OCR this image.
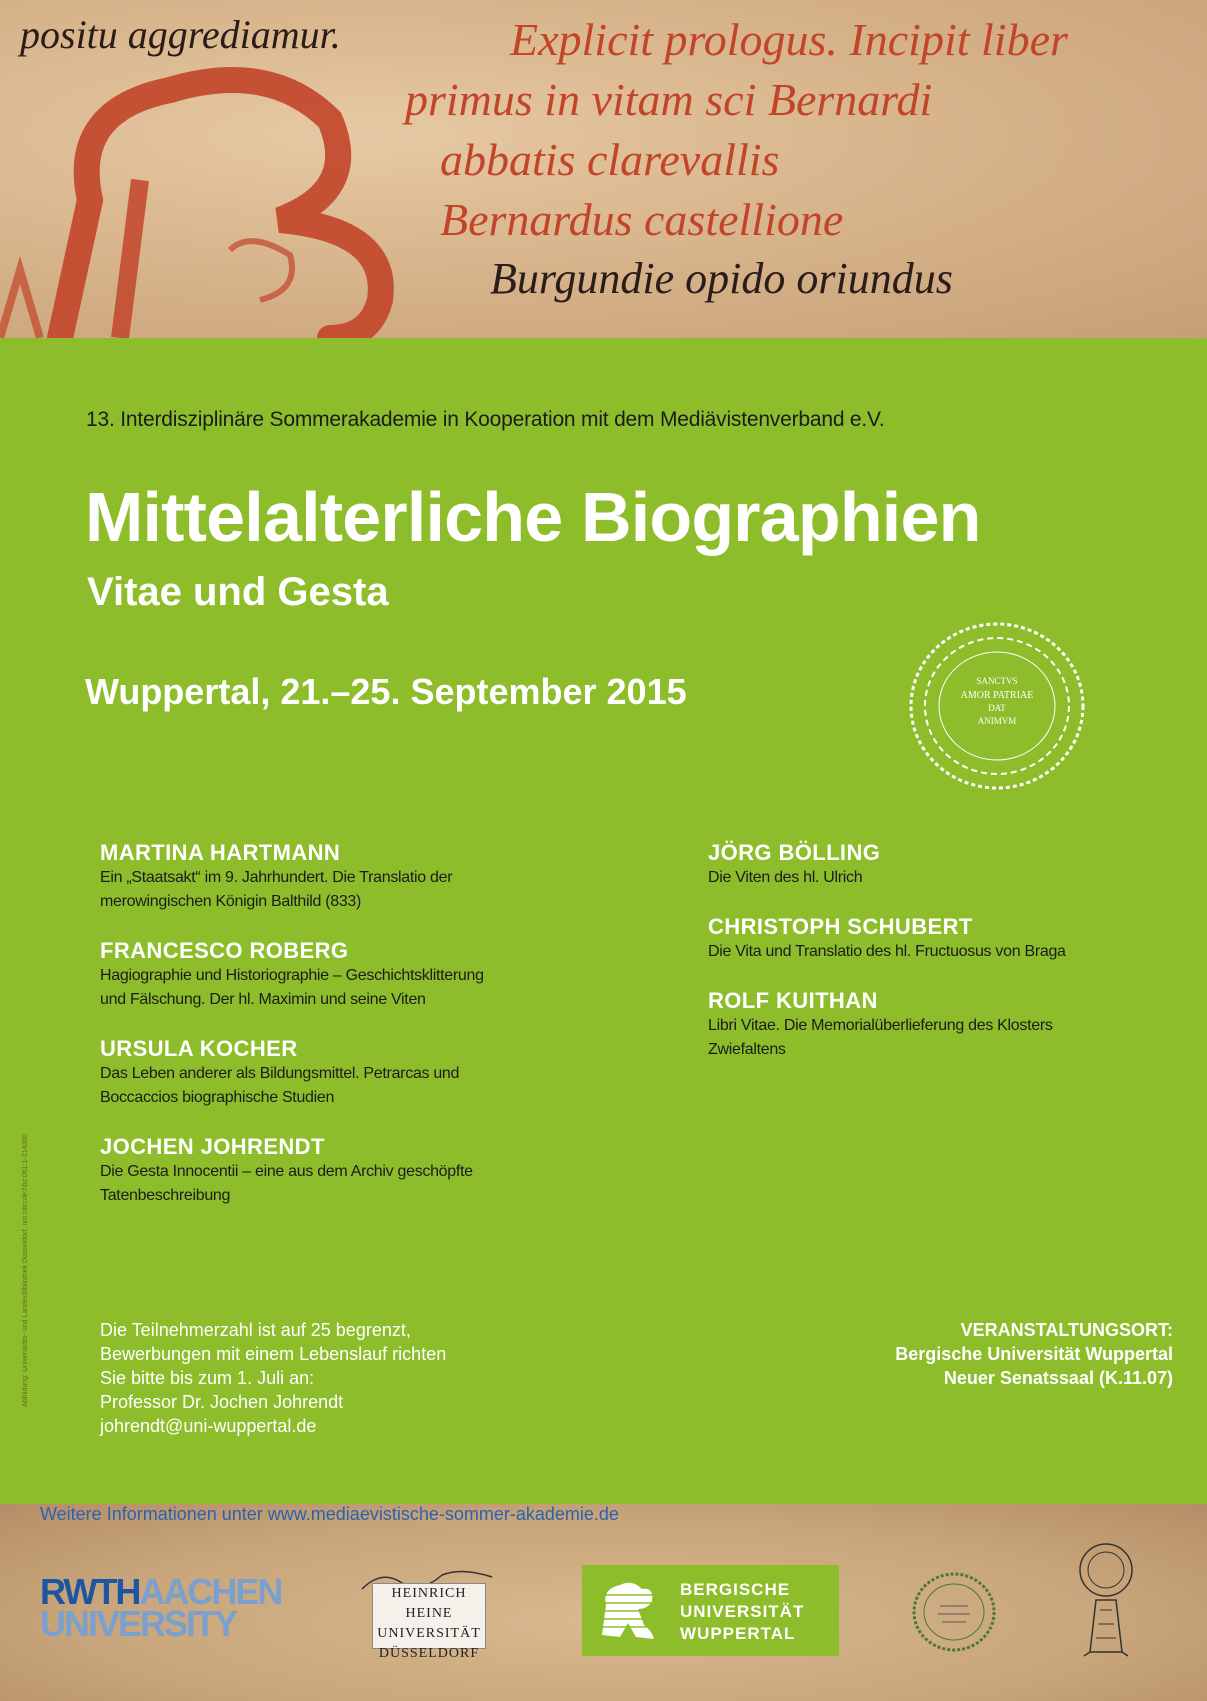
positu aggrediamur.	Explicit prologus. Incipit liber
primus in vitam sci Bernardi
abbatis clarevallis
Bernardus castellione
Burgundie opido oriundus
13. Interdisziplinäre Sommerakademie in Kooperation mit dem Mediävistenverband e.V.
Mittelalterliche Biographien
Vitae und Gesta
Wuppertal, 21.–25. September 2015	SANCTVS
AMOR PATRIAE
DAT
ANIMVM
MARTINA HARTMANN
Ein „Staatsakt“ im 9. Jahrhundert. Die Translatio der
merowingischen Königin Balthild (833)
FRANCESCO ROBERG
Hagiographie und Historiographie – Geschichtsklitterung
und Fälschung. Der hl. Maximin und seine Viten
URSULA KOCHER
Das Leben anderer als Bildungsmittel. Petrarcas und
Boccaccios biographische Studien
JOCHEN JOHRENDT
Die Gesta Innocentii – eine aus dem Archiv geschöpfte
Tatenbeschreibung
JÖRG BÖLLING
Die Viten des hl. Ulrich
CHRISTOPH SCHUBERT
Die Vita und Translatio des hl. Fructuosus von Braga
ROLF KUITHAN
Libri Vitae. Die Memorialüberlieferung des Klosters
Zwiefaltens
Abbildung: Universitäts- und Landesbibliothek Düsseldorf, urn:nbn:de:hbz:061:1-214300	Die Teilnehmerzahl ist auf 25 begrenzt,
Bewerbungen mit einem Lebenslauf richten
Sie bitte bis zum 1. Juli an:
Professor Dr. Jochen Johrendt
johrendt@uni-wuppertal.de
VERANSTALTUNGSORT:
Bergische Universität Wuppertal
Neuer Senatssaal (K.11.07)
Weitere Informationen unter www.mediaevistische-sommer-akademie.de
RWTHAACHEN
UNIVERSITY
HEINRICH HEINE
UNIVERSITÄT
DÜSSELDORF
BERGISCHE
UNIVERSITÄT
WUPPERTAL
